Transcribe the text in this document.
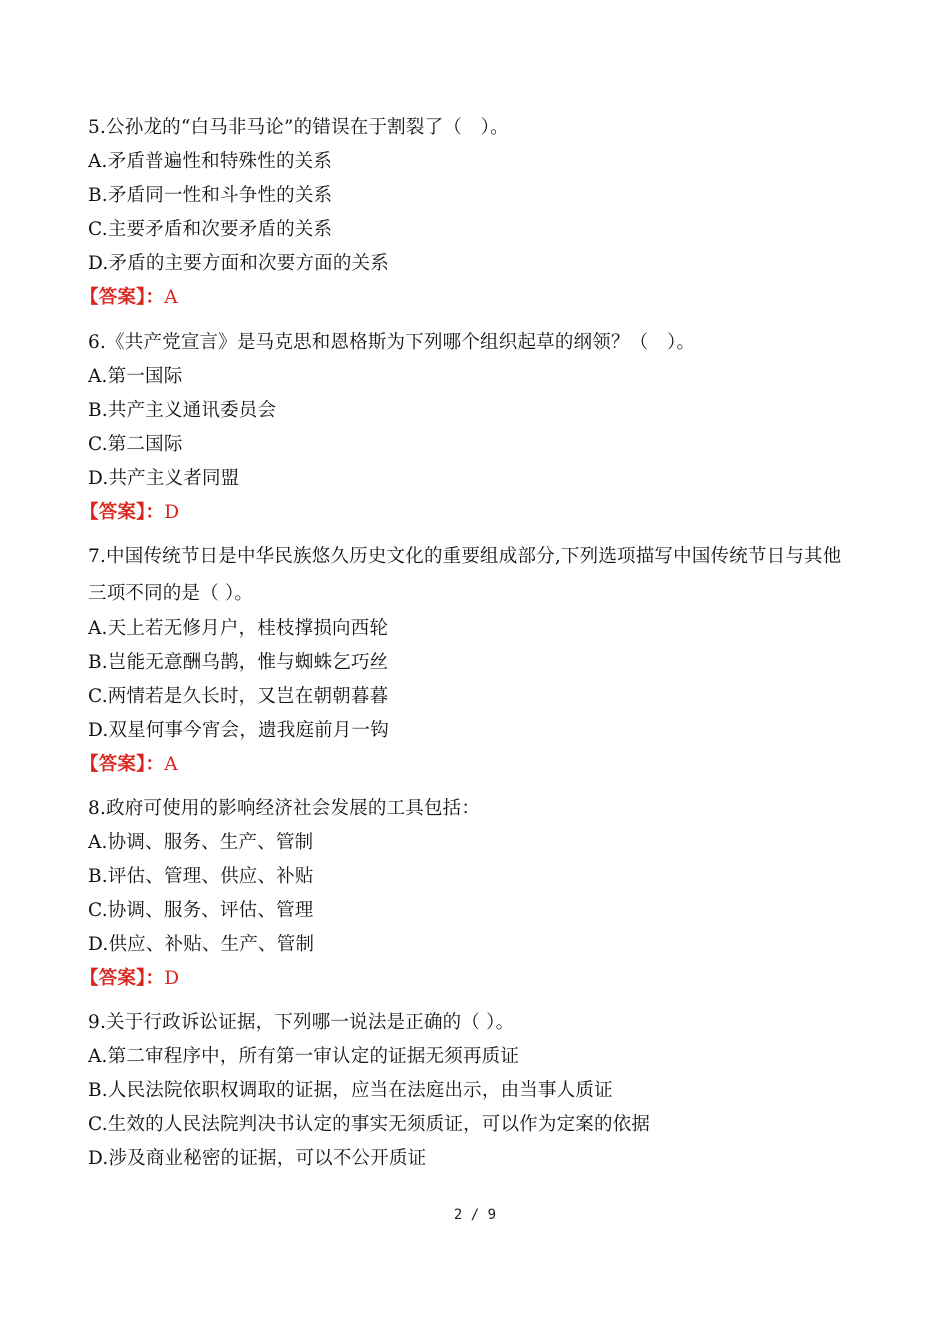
5.公孙龙的“白马非马论”的错误在于割裂了（　）。
A.矛盾普遍性和特殊性的关系
B.矛盾同一性和斗争性的关系
C.主要矛盾和次要矛盾的关系
D.矛盾的主要方面和次要方面的关系
【答案】：A
6.《共产党宣言》是马克思和恩格斯为下列哪个组织起草的纲领？（　）。
A.第一国际
B.共产主义通讯委员会
C.第二国际
D.共产主义者同盟
【答案】：D
7.中国传统节日是中华民族悠久历史文化的重要组成部分,下列选项描写中国传统节日与其他
三项不同的是（ ）。
A.天上若无修月户，桂枝撑损向西轮
B.岂能无意酬乌鹊，惟与蜘蛛乞巧丝
C.两情若是久长时，又岂在朝朝暮暮
D.双星何事今宵会，遗我庭前月一钩
【答案】：A
8.政府可使用的影响经济社会发展的工具包括：
A.协调、服务、生产、管制
B.评估、管理、供应、补贴
C.协调、服务、评估、管理
D.供应、补贴、生产、管制
【答案】：D
9.关于行政诉讼证据，下列哪一说法是正确的（ ）。
A.第二审程序中，所有第一审认定的证据无须再质证
B.人民法院依职权调取的证据，应当在法庭出示，由当事人质证
C.生效的人民法院判决书认定的事实无须质证，可以作为定案的依据
D.涉及商业秘密的证据，可以不公开质证
2 / 9
